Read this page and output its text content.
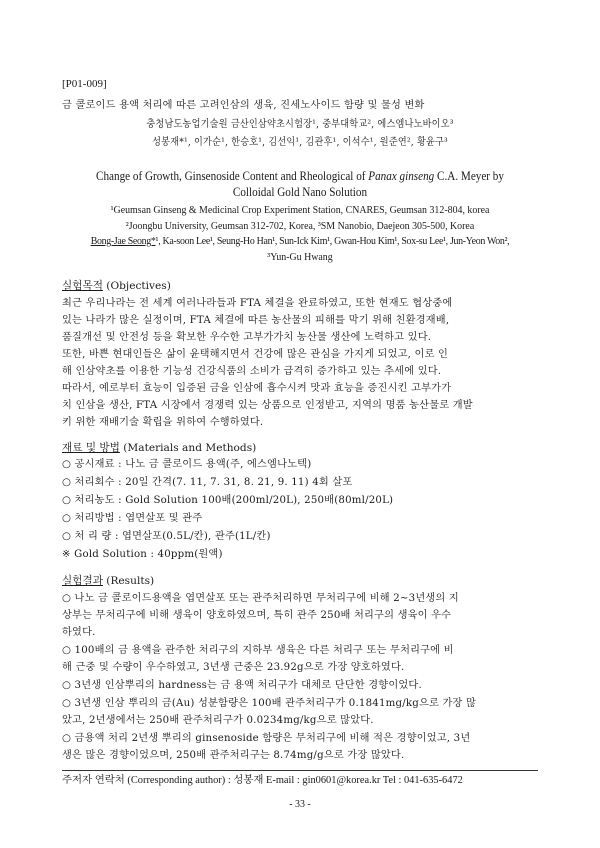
[P01-009]
금 콜로이드 용액 처리에 따른 고려인삼의 생육, 진세노사이드 함량 및 물성 변화
충청남도농업기술원 금산인삼약초시험장¹, 중부대학교², 에스엠나노바이오³
성봉재*¹, 이가순¹, 한승호¹, 김선익¹, 김관후¹, 이석수¹, 원준연², 황윤구³
Change of Growth, Ginsenoside Content and Rheological of Panax ginseng C.A. Meyer by
Colloidal Gold Nano Solution
¹Geumsan Ginseng & Medicinal Crop Experiment Station, CNARES, Geumsan 312-804, korea
²Joongbu University, Geumsan 312-702, Korea, ³SM Nanobio, Daejeon 305-500, Korea
Bong-Jae Seong*¹, Ka-soon Lee¹, Seung-Ho Han¹, Sun-Ick Kim¹, Gwan-Hou Kim¹, Sox-su Lee¹, Jun-Yeon Won²,
³Yun-Gu Hwang
실험목적 (Objectives)
최근 우리나라는 전 세계 여러나라들과 FTA 체결을 완료하였고, 또한 현재도 협상중에
있는 나라가 많은 실정이며, FTA 체결에 따른 농산물의 피해를 막기 위해 친환경재배,
품질개선 및 안전성 등을 확보한 우수한 고부가가치 농산물 생산에 노력하고 있다.
또한, 바쁜 현대인들은 삶이 윤택해지면서 건강에 많은 관심을 가지게 되었고, 이로 인
해 인삼약초를 이용한 기능성 건강식품의 소비가 급격히 증가하고 있는 추세에 있다.
따라서, 예로부터 효능이 입증된 금을 인삼에 흡수시켜 맛과 효능을 증진시킨 고부가가
치 인삼을 생산, FTA 시장에서 경쟁력 있는 상품으로 인정받고, 지역의 명품 농산물로 개발
키 위한 재배기술 확립을 위하여 수행하였다.
재료 및 방법 (Materials and Methods)
○ 공시재료 : 나노 금 콜로이드 용액(주, 에스엠나노텍)
○ 처리회수 : 20일 간격(7. 11, 7. 31, 8. 21, 9. 11) 4회 살포
○ 처리농도 : Gold Solution 100배(200ml/20L), 250배(80ml/20L)
○ 처리방법 : 엽면살포 및 관주
○ 처 리 량 : 엽면살포(0.5L/칸), 관주(1L/칸)
※ Gold Solution : 40ppm(원액)
실험결과 (Results)
○ 나노 금 콜로이드용액을 엽면살포 또는 관주처리하면 무처리구에 비해 2∼3년생의 지
상부는 무처리구에 비해 생육이 양호하였으며, 특히 관주 250배 처리구의 생육이 우수
하였다.
○ 100배의 금 용액을 관주한 처리구의 지하부 생육은 다른 처리구 또는 무처리구에 비
해 근중 및 수량이 우수하였고, 3년생 근중은 23.92g으로 가장 양호하였다.
○ 3년생 인삼뿌리의 hardness는 금 용액 처리구가 대체로 단단한 경향이었다.
○ 3년생 인삼 뿌리의 금(Au) 성분함량은 100배 관주처리구가 0.1841mg/kg으로 가장 많
았고, 2년생에서는 250배 관주처리구가 0.0234mg/kg으로 많았다.
○ 금용액 처리 2년생 뿌리의 ginsenoside 함량은 무처리구에 비해 적은 경향이었고, 3년
생은 많은 경향이었으며, 250배 관주처리구는 8.74mg/g으로 가장 많았다.
주저자 연락처 (Corresponding author) : 성봉재 E-mail : gin0601@korea.kr Tel : 041-635-6472
- 33 -
